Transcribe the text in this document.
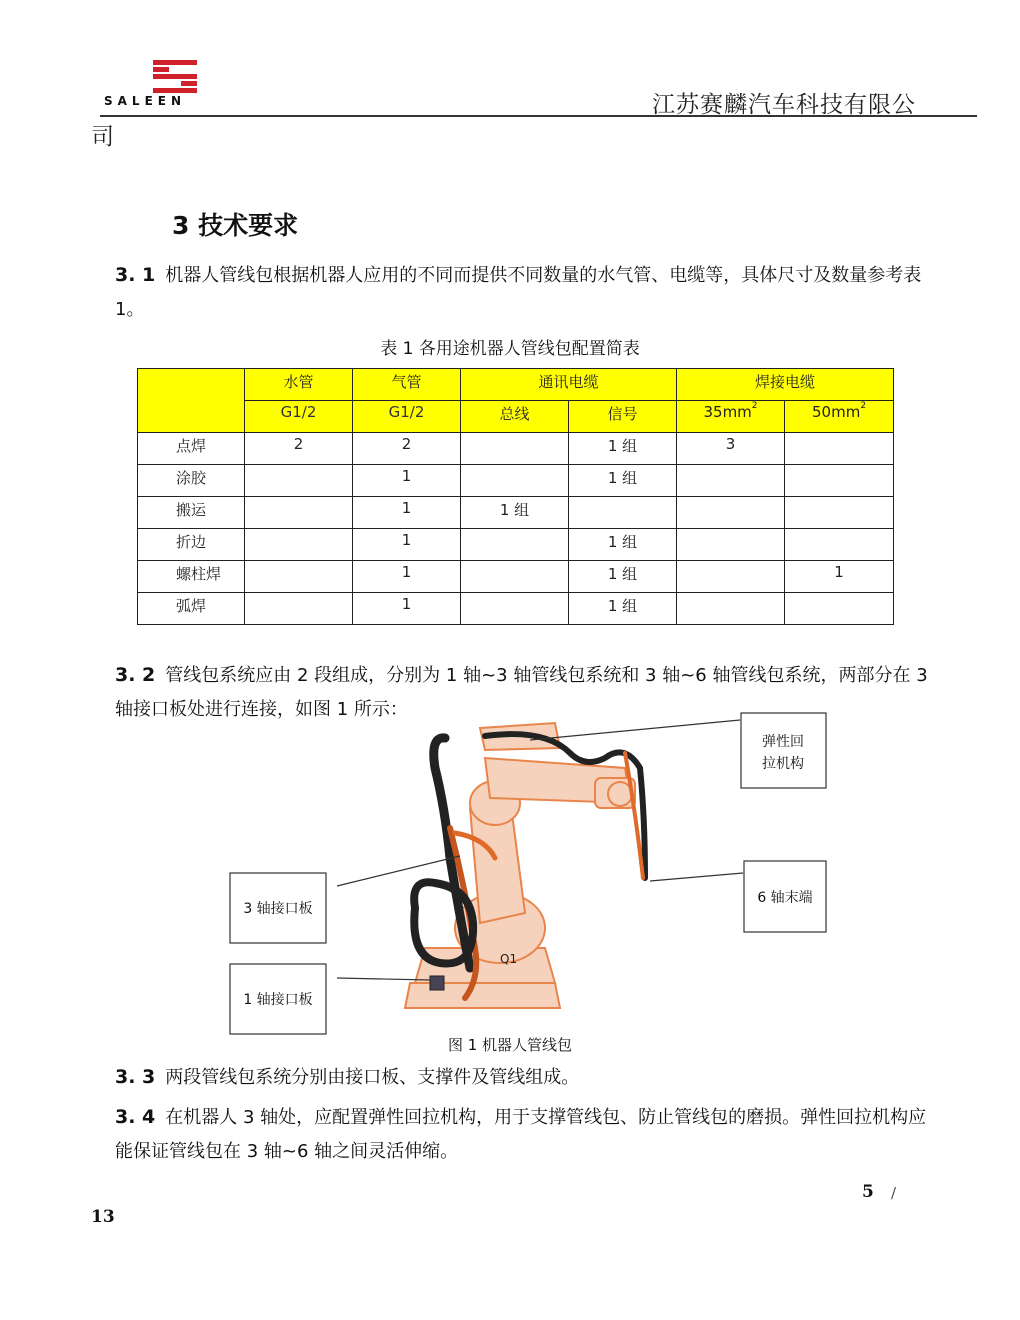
SALEEN	江苏赛麟汽车科技有限公
司
3 技术要求
3. 1 机器人管线包根据机器人应用的不同而提供不同数量的水气管、电缆等，具体尺寸及数量参考表 1。
表 1 各用途机器人管线包配置简表
	水管	气管	通讯电缆		焊接电缆	
	G1/2	G1/2	总线	信号	$35mm^2$	$50mm^2$
点焊	2	2		1 组	3	
涂胶		1		1 组		
搬运		1	1 组			
折边		1		1 组		
螺柱焊		1		1 组		1
弧焊		1		1 组		
3. 2 管线包系统应由 2 段组成，分别为 1 轴~3 轴管线包系统和 3 轴~6 轴管线包系统，两部分在 3 轴接口板处进行连接，如图 1 所示：
Q1
弹性回
拉机构
6 轴末端
3 轴接口板
1 轴接口板
图 1 机器人管线包
3. 3 两段管线包系统分别由接口板、支撑件及管线组成。
3. 4 在机器人 3 轴处，应配置弹性回拉机构，用于支撑管线包、防止管线包的磨损。弹性回拉机构应能保证管线包在 3 轴~6 轴之间灵活伸缩。
5 /
13
